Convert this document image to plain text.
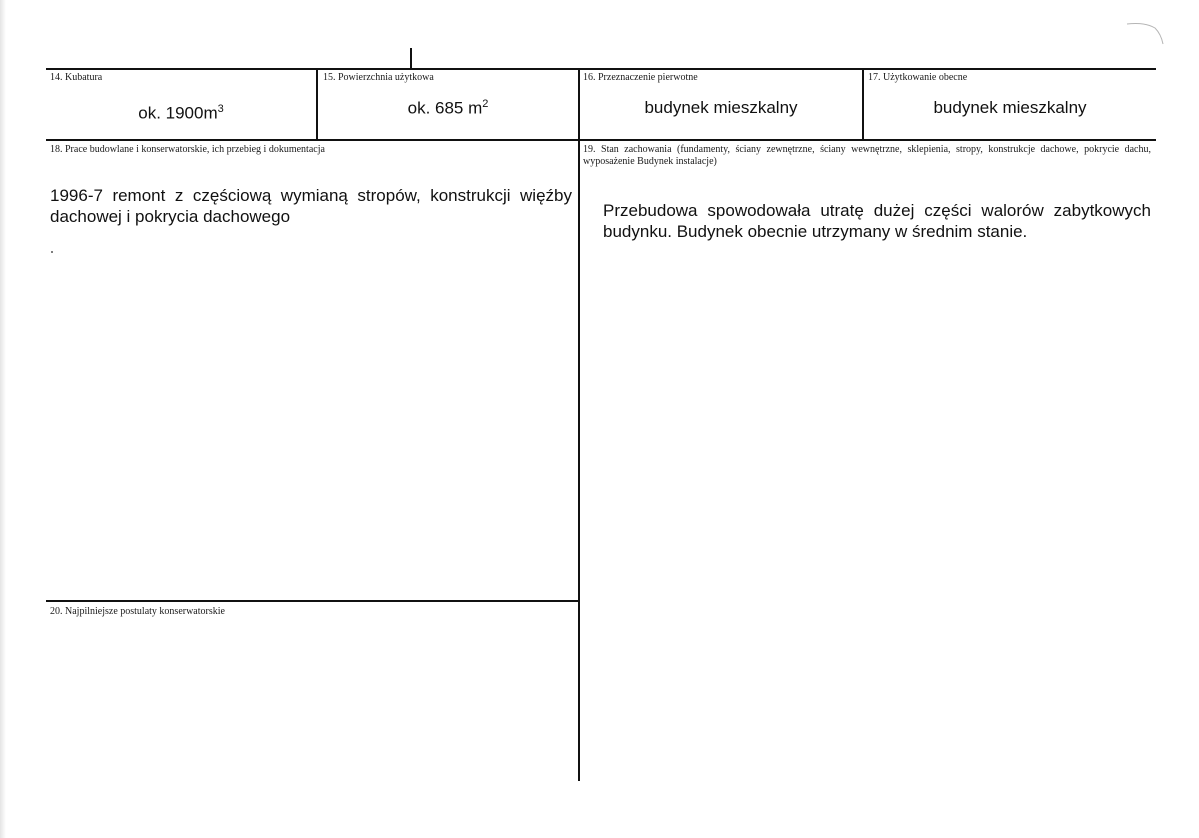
14. Kubatura
ok. $1900m^3$
15. Powierzchnia użytkowa
ok. 685 $m^2$
16. Przeznaczenie pierwotne
budynek mieszkalny
17. Użytkowanie obecne
budynek mieszkalny
18. Prace budowlane i konserwatorskie, ich przebieg i dokumentacja
1996-7 remont z częściową wymianą stropów, konstrukcji więźby dachowej i pokrycia dachowego
19. Stan zachowania (fundamenty, ściany zewnętrzne, ściany wewnętrzne, sklepienia, stropy, konstrukcje dachowe, pokrycie dachu, wyposażenie Budynek instalacje)
Przebudowa spowodowała utratę dużej części walorów zabytkowych budynku. Budynek obecnie utrzymany w średnim stanie.
20. Najpilniejsze postulaty konserwatorskie
